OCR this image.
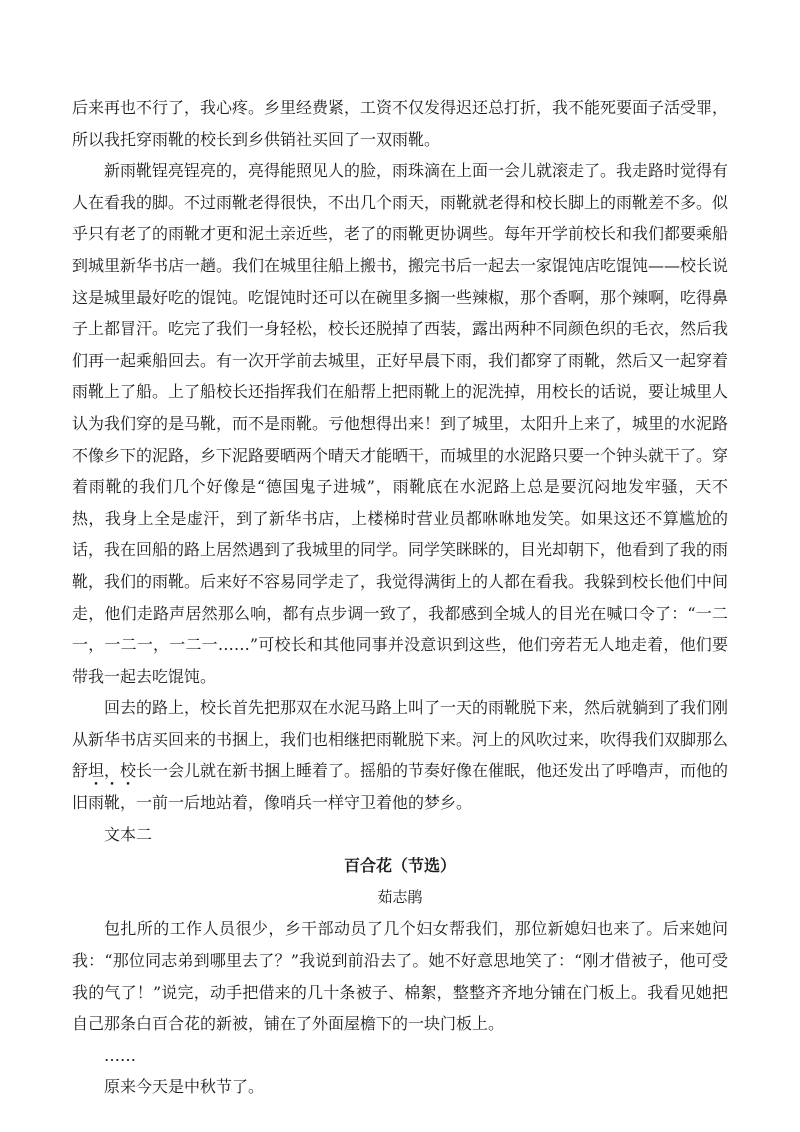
后来再也不行了，我心疼。乡里经费紧，工资不仅发得迟还总打折，我不能死要面子活受罪，所以我托穿雨靴的校长到乡供销社买回了一双雨靴。

新雨靴锃亮锃亮的，亮得能照见人的脸，雨珠滴在上面一会儿就滚走了。我走路时觉得有人在看我的脚。不过雨靴老得很快，不出几个雨天，雨靴就老得和校长脚上的雨靴差不多。似乎只有老了的雨靴才更和泥土亲近些，老了的雨靴更协调些。每年开学前校长和我们都要乘船到城里新华书店一趟。我们在城里往船上搬书，搬完书后一起去一家馄饨店吃馄饨——校长说这是城里最好吃的馄饨。吃馄饨时还可以在碗里多搁一些辣椒，那个香啊，那个辣啊，吃得鼻子上都冒汗。吃完了我们一身轻松，校长还脱掉了西装，露出两种不同颜色织的毛衣，然后我们再一起乘船回去。有一次开学前去城里，正好早晨下雨，我们都穿了雨靴，然后又一起穿着雨靴上了船。上了船校长还指挥我们在船帮上把雨靴上的泥洗掉，用校长的话说，要让城里人认为我们穿的是马靴，而不是雨靴。亏他想得出来！到了城里，太阳升上来了，城里的水泥路不像乡下的泥路，乡下泥路要晒两个晴天才能晒干，而城里的水泥路只要一个钟头就干了。穿着雨靴的我们几个好像是“德国鬼子进城”，雨靴底在水泥路上总是要沉闷地发牢骚，天不热，我身上全是虚汗，到了新华书店，上楼梯时营业员都咻咻地发笑。如果这还不算尴尬的话，我在回船的路上居然遇到了我城里的同学。同学笑眯眯的，目光却朝下，他看到了我的雨靴，我们的雨靴。后来好不容易同学走了，我觉得满街上的人都在看我。我躲到校长他们中间走，他们走路声居然那么响，都有点步调一致了，我都感到全城人的目光在喊口令了：“一二一，一二一，一二一……”可校长和其他同事并没意识到这些，他们旁若无人地走着，他们要带我一起去吃馄饨。

回去的路上，校长首先把那双在水泥马路上叫了一天的雨靴脱下来，然后就躺到了我们刚从新华书店买回来的书捆上，我们也相继把雨靴脱下来。河上的风吹过来，吹得我们双脚那么舒坦，校长一会儿就在新书捆上睡着了。摇船的节奏好像在催眠，他还发出了呼噜声，而他的旧雨靴，一前一后地站着，像哨兵一样守卫着他的梦乡。

文本二

百合花（节选）

茹志鹃

包扎所的工作人员很少，乡干部动员了几个妇女帮我们，那位新媳妇也来了。后来她问我：“那位同志弟到哪里去了？”我说到前沿去了。她不好意思地笑了：“刚才借被子，他可受我的气了！”说完，动手把借来的几十条被子、棉絮，整整齐齐地分铺在门板上。我看见她把自己那条白百合花的新被，铺在了外面屋檐下的一块门板上。

……

原来今天是中秋节了。
